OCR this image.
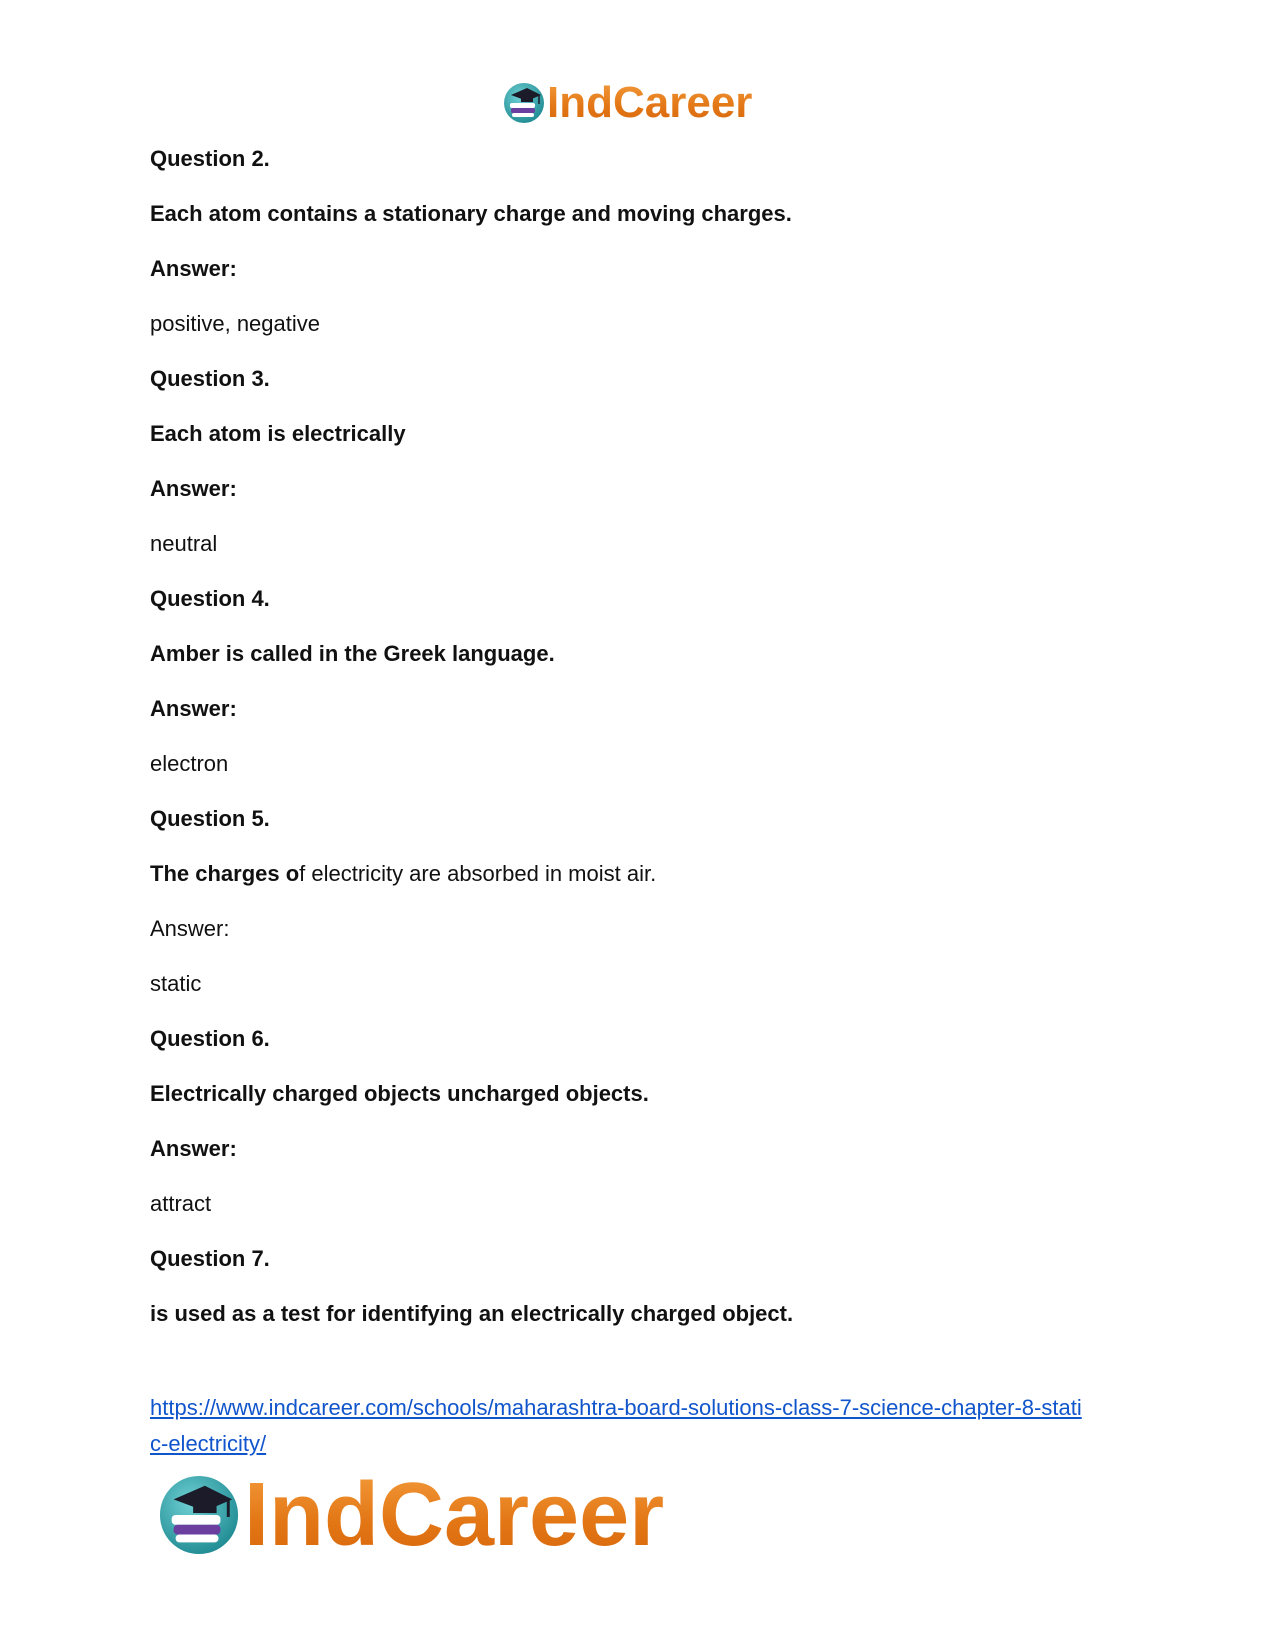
IndCareer
Question 2.
Each atom contains a stationary charge and moving charges.
Answer:
positive, negative
Question 3.
Each atom is electrically
Answer:
neutral
Question 4.
Amber is called in the Greek language.
Answer:
electron
Question 5.
The charges of electricity are absorbed in moist air.
Answer:
static
Question 6.
Electrically charged objects uncharged objects.
Answer:
attract
Question 7.
is used as a test for identifying an electrically charged object.
https://www.indcareer.com/schools/maharashtra-board-solutions-class-7-science-chapter-8-stati
c-electricity/
IndCareer
